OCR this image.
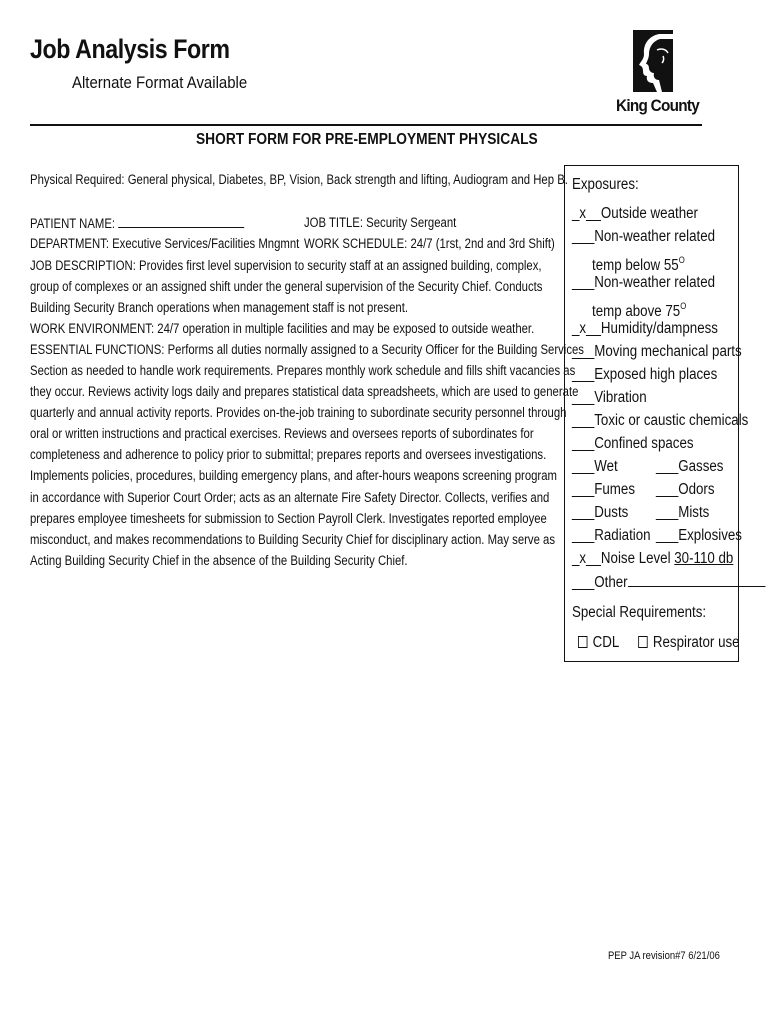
Job Analysis Form
Alternate Format Available
King County
SHORT FORM FOR PRE-EMPLOYMENT PHYSICALS
Physical Required: General physical, Diabetes, BP, Vision, Back strength and lifting, Audiogram and Hep B.
PATIENT NAME:	JOB TITLE: Security Sergeant
DEPARTMENT: Executive Services/Facilities Mngmnt WORK SCHEDULE: 24/7 (1rst, 2nd and 3rd Shift)
JOB DESCRIPTION: Provides first level supervision to security staff at an assigned building, complex,
group of complexes or an assigned shift under the general supervision of the Security Chief. Conducts
Building Security Branch operations when management staff is not present.
WORK ENVIRONMENT: 24/7 operation in multiple facilities and may be exposed to outside weather.
ESSENTIAL FUNCTIONS: Performs all duties normally assigned to a Security Officer for the Building Services
Section as needed to handle work requirements. Prepares monthly work schedule and fills shift vacancies as
they occur. Reviews activity logs daily and prepares statistical data spreadsheets, which are used to generate
quarterly and annual activity reports. Provides on-the-job training to subordinate security personnel through
oral or written instructions and practical exercises. Reviews and oversees reports of subordinates for
completeness and adherence to policy prior to submittal; prepares reports and oversees investigations.
Implements policies, procedures, building emergency plans, and after-hours weapons screening program
in accordance with Superior Court Order; acts as an alternate Fire Safety Director. Collects, verifies and
prepares employee timesheets for submission to Section Payroll Clerk. Investigates reported employee
misconduct, and makes recommendations to Building Security Chief for disciplinary action. May serve as
Acting Building Security Chief in the absence of the Building Security Chief.
Exposures:
_x__Outside weather
___Non-weather related
temp below $55^O$
___Non-weather related
temp above $75^O$
_x__Humidity/dampness
___Moving mechanical parts
___Exposed high places
___Vibration
___Toxic or caustic chemicals
___Confined spaces
___Wet ___Gasses
___Fumes ___Odors
___Dusts ___Mists
___Radiation ___Explosives
_x__Noise Level 30-110 db
___Other
Special Requirements:
CDL Respirator use
PEP JA revision#7 6/21/06
